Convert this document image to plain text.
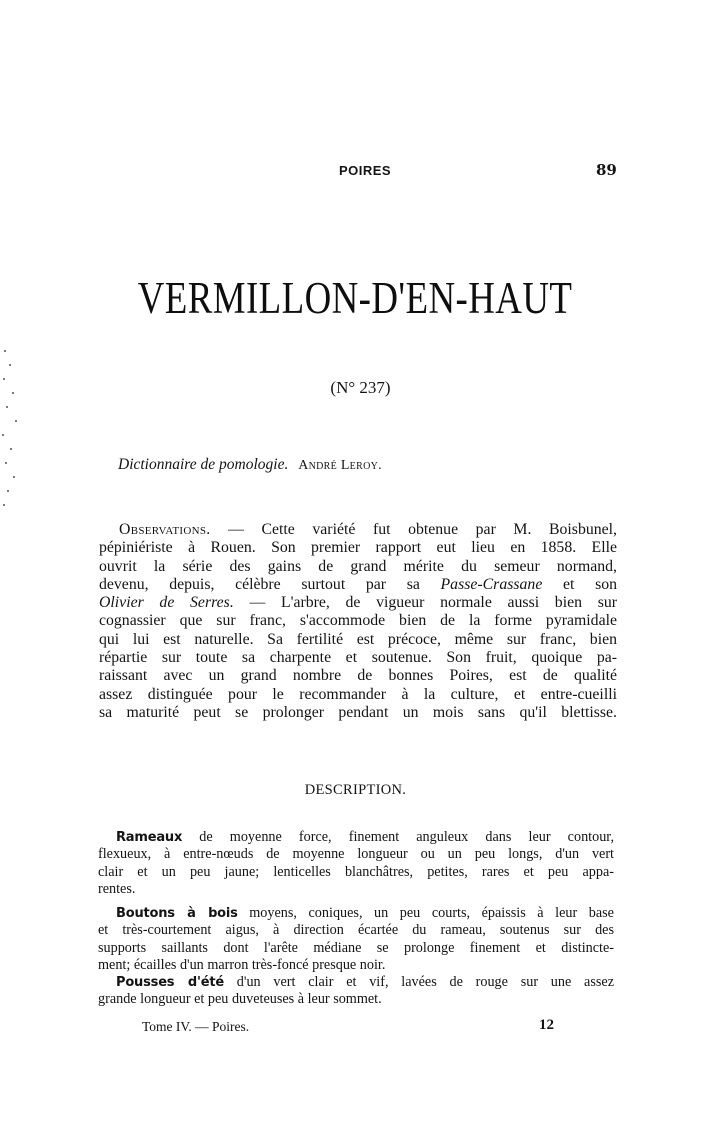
POIRES	89
VERMILLON-D'EN-HAUT
(N° 237)
Dictionnaire de pomologie. André Leroy.
Observations. — Cette variété fut obtenue par M. Boisbunel,
pépiniériste à Rouen. Son premier rapport eut lieu en 1858. Elle
ouvrit la série des gains de grand mérite du semeur normand,
devenu, depuis, célèbre surtout par sa Passe-Crassane et son
Olivier de Serres. — L'arbre, de vigueur normale aussi bien sur
cognassier que sur franc, s'accommode bien de la forme pyramidale
qui lui est naturelle. Sa fertilité est précoce, même sur franc, bien
répartie sur toute sa charpente et soutenue. Son fruit, quoique pa-
raissant avec un grand nombre de bonnes Poires, est de qualité
assez distinguée pour le recommander à la culture, et entre-cueilli
sa maturité peut se prolonger pendant un mois sans qu'il blettisse.
DESCRIPTION.
Rameaux de moyenne force, finement anguleux dans leur contour,
flexueux, à entre-nœuds de moyenne longueur ou un peu longs, d'un vert
clair et un peu jaune; lenticelles blanchâtres, petites, rares et peu appa-
rentes.
Boutons à bois moyens, coniques, un peu courts, épaissis à leur base
et très-courtement aigus, à direction écartée du rameau, soutenus sur des
supports saillants dont l'arête médiane se prolonge finement et distincte-
ment; écailles d'un marron très-foncé presque noir.
Pousses d'été d'un vert clair et vif, lavées de rouge sur une assez
grande longueur et peu duveteuses à leur sommet.
Tome IV. — Poires.	12
